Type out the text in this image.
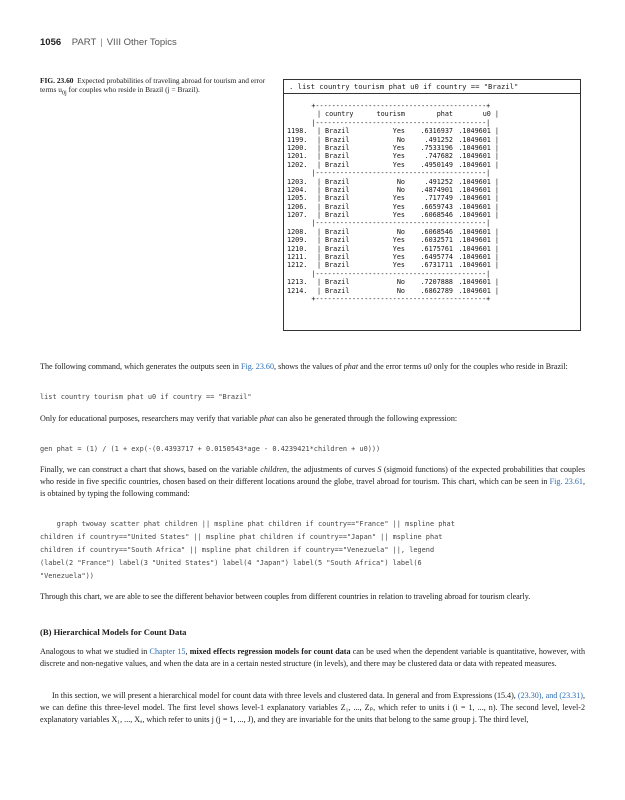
1056 PART | VIII Other Topics
FIG. 23.60 Expected probabilities of traveling abroad for tourism and error terms $u_{0j}$ for couples who reside in Brazil (j = Brazil).	. list country tourism phat u0 if country == "Brazil"
+------------------------------------------+
| country	tourism	phat	u0 |
|------------------------------------------|
1198. | Brazil	Yes .6316937 .1049601 |
1199. | Brazil	No	.491252 .1049601 |
1200. | Brazil	Yes .7533196 .1049601 |
1201. | Brazil	Yes	.747682 .1049601 |
1202. | Brazil	Yes .4950149 .1049601 |
|------------------------------------------|
1203. | Brazil	No	.491252 .1049601 |
1204. | Brazil	No .4874901 .1049601 |
1205. | Brazil	Yes	.717749 .1049601 |
1206. | Brazil	Yes .6659743 .1049601 |
1207. | Brazil	Yes .6068546 .1049601 |
|------------------------------------------|
1208. | Brazil	No .6068546 .1049601 |
1209. | Brazil	Yes .6032571 .1049601 |
1210. | Brazil	Yes .6175761 .1049601 |
1211. | Brazil	Yes .6495774 .1049601 |
1212. | Brazil	Yes .6731711 .1049601 |
|------------------------------------------|
1213. | Brazil	No .7207888 .1049601 |
1214. | Brazil	No .6862789 .1049601 |
+------------------------------------------+
The following command, which generates the outputs seen in Fig. 23.60, shows the values of phat and the error terms u0 only for the couples who reside in Brazil:
list country tourism phat u0 if country == "Brazil"
Only for educational purposes, researchers may verify that variable phat can also be generated through the following expression:
gen phat = (1) / (1 + exp(-(0.4393717 + 0.0150543*age - 0.4239421*children + u0)))
Finally, we can construct a chart that shows, based on the variable children, the adjustments of curves S (sigmoid functions) of the expected probabilities that couples who reside in five specific countries, chosen based on their different locations around the globe, travel abroad for tourism. This chart, which can be seen in Fig. 23.61, is obtained by typing the following command:
graph twoway scatter phat children || mspline phat children if country=="France" || mspline phat
children if country=="United States" || mspline phat children if country=="Japan" || mspline phat
children if country=="South Africa" || mspline phat children if country=="Venezuela" ||, legend
(label(2 "France") label(3 "United States") label(4 "Japan") label(5 "South Africa") label(6
"Venezuela"))
Through this chart, we are able to see the different behavior between couples from different countries in relation to traveling abroad for tourism clearly.
(B) Hierarchical Models for Count Data
Analogous to what we studied in Chapter 15, mixed effects regression models for count data can be used when the dependent variable is quantitative, however, with discrete and non-negative values, and when the data are in a certain nested structure (in levels), and there may be clustered data or data with repeated measures.
In this section, we will present a hierarchical model for count data with three levels and clustered data. In general and from Expressions (15.4), (23.30), and (23.31), we can define this three-level model. The first level shows level-1 explanatory variables Z₁, ..., Zₚ, which refer to units i (i = 1, ..., n). The second level, level-2 explanatory variables X₁, ..., Xₐ, which refer to units j (j = 1, ..., J), and they are invariable for the units that belong to the same group j. The third level,
